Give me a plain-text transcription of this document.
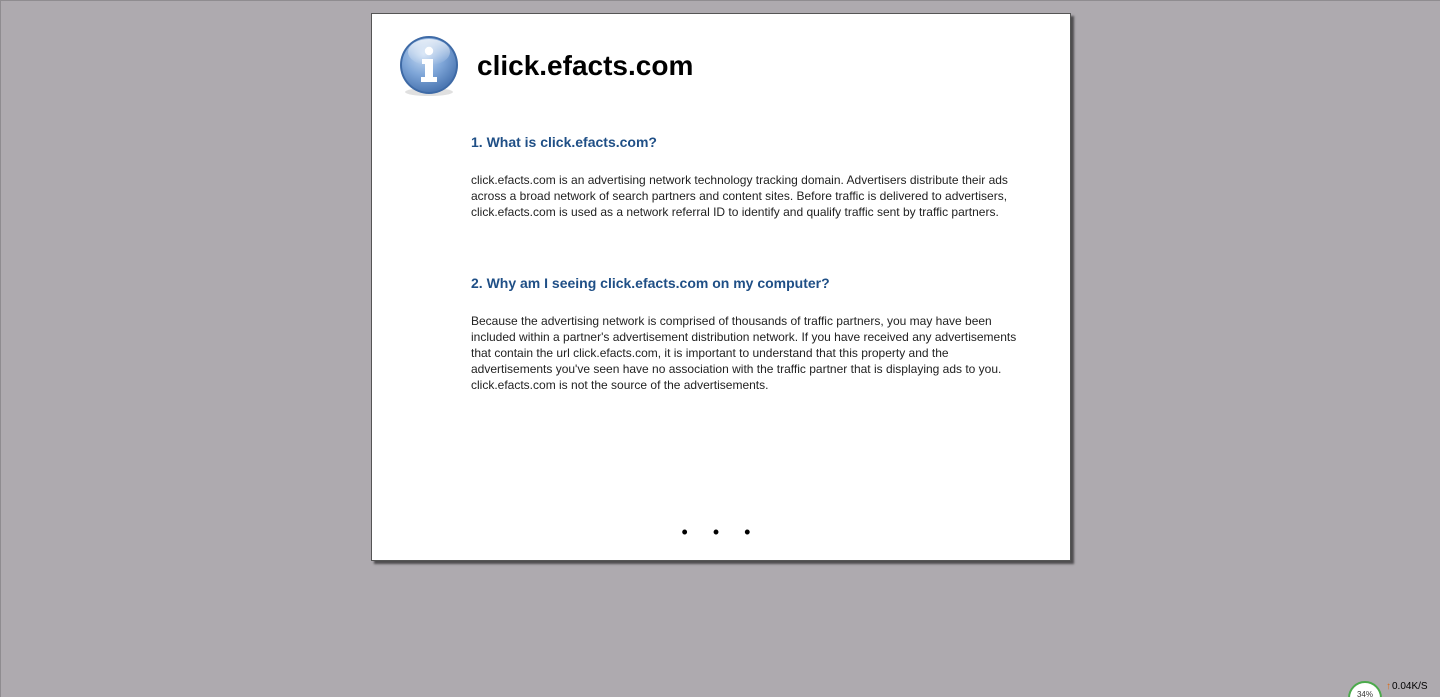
click.efacts.com
1. What is click.efacts.com?

click.efacts.com is an advertising network technology tracking domain. Advertisers distribute their ads across a broad network of search partners and content sites. Before traffic is delivered to advertisers, click.efacts.com is used as a network referral ID to identify and qualify traffic sent by traffic partners.

2. Why am I seeing click.efacts.com on my computer?

Because the advertising network is comprised of thousands of traffic partners, you may have been included within a partner's advertisement distribution network. If you have received any advertisements that contain the url click.efacts.com, it is important to understand that this property and the advertisements you've seen have no association with the traffic partner that is displaying ads to you. click.efacts.com is not the source of the advertisements.

• • •
34%
↑ 0.04K/S
